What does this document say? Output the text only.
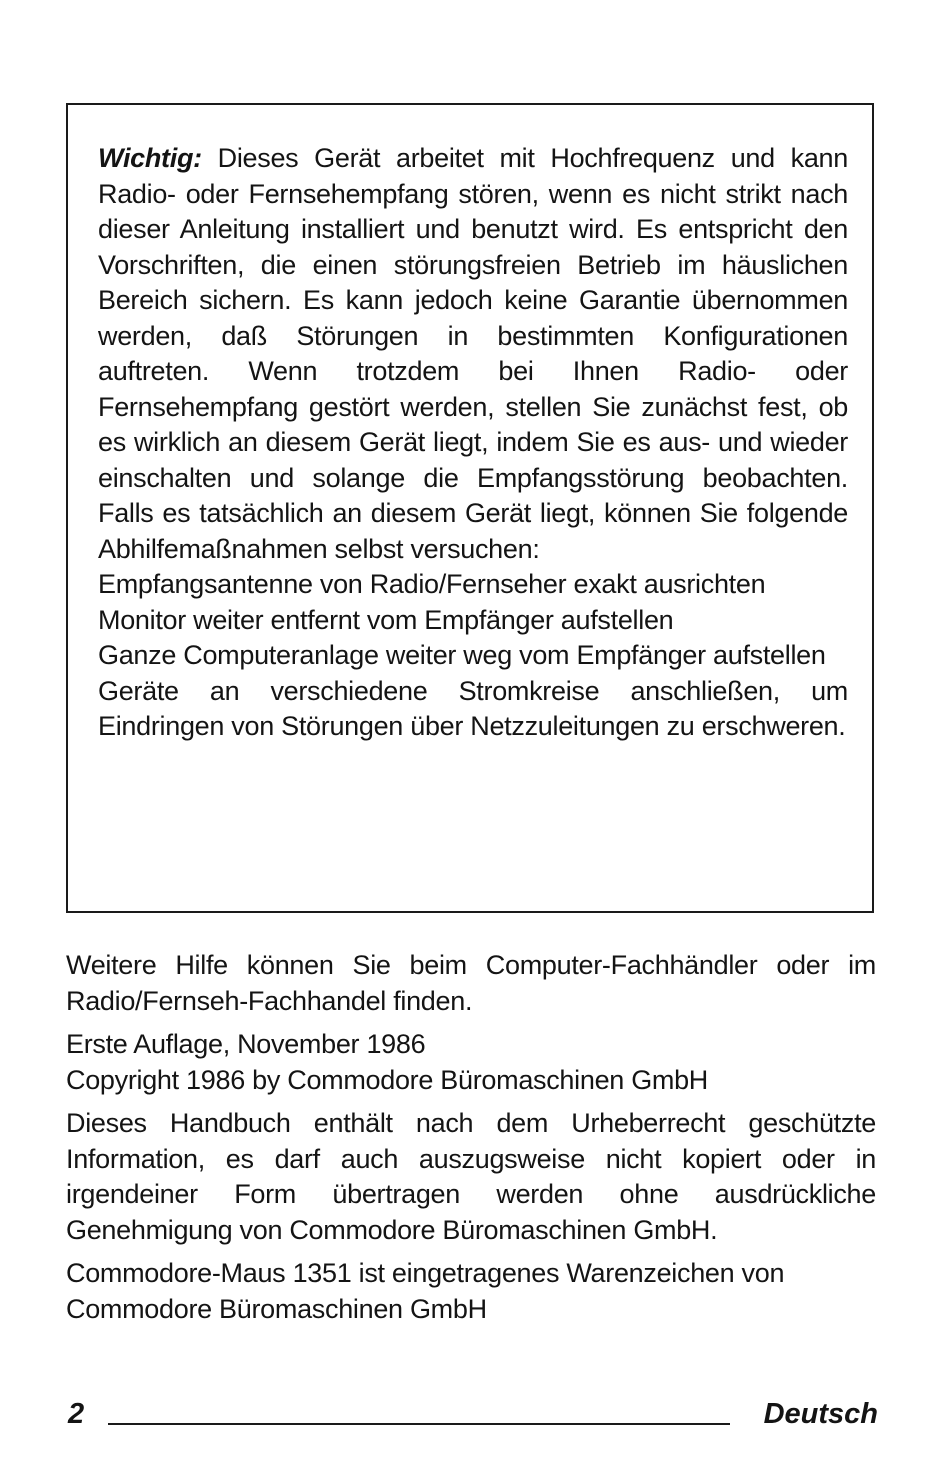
Wichtig: Dieses Gerät arbeitet mit Hochfrequenz und kann Radio- oder Fernsehempfang stören, wenn es nicht strikt nach dieser Anleitung installiert und benutzt wird. Es entspricht den Vorschriften, die einen störungsfreien Betrieb im häuslichen Bereich sichern. Es kann jedoch keine Garantie übernommen werden, daß Störungen in bestimmten Konfigurationen auftreten. Wenn trotzdem bei Ihnen Radio- oder Fernsehempfang gestört werden, stellen Sie zunächst fest, ob es wirklich an diesem Gerät liegt, indem Sie es aus- und wieder einschalten und solange die Empfangsstörung beobachten. Falls es tatsächlich an diesem Gerät liegt, können Sie folgende Abhilfemaßnahmen selbst versuchen:

Empfangsantenne von Radio/Fernseher exakt ausrichten

Monitor weiter entfernt vom Empfänger aufstellen

Ganze Computeranlage weiter weg vom Empfänger aufstellen

Geräte an verschiedene Stromkreise anschließen, um Eindringen von Störungen über Netzzuleitungen zu erschweren.

Weitere Hilfe können Sie beim Computer-Fachhändler oder im Radio/Fernseh-Fachhandel finden.

Erste Auflage, November 1986
Copyright 1986 by Commodore Büromaschinen GmbH

Dieses Handbuch enthält nach dem Urheberrecht geschützte Information, es darf auch auszugsweise nicht kopiert oder in irgendeiner Form übertragen werden ohne ausdrückliche Genehmigung von Commodore Büromaschinen GmbH.

Commodore-Maus 1351 ist eingetragenes Warenzeichen von
Commodore Büromaschinen GmbH

2	Deutsch
